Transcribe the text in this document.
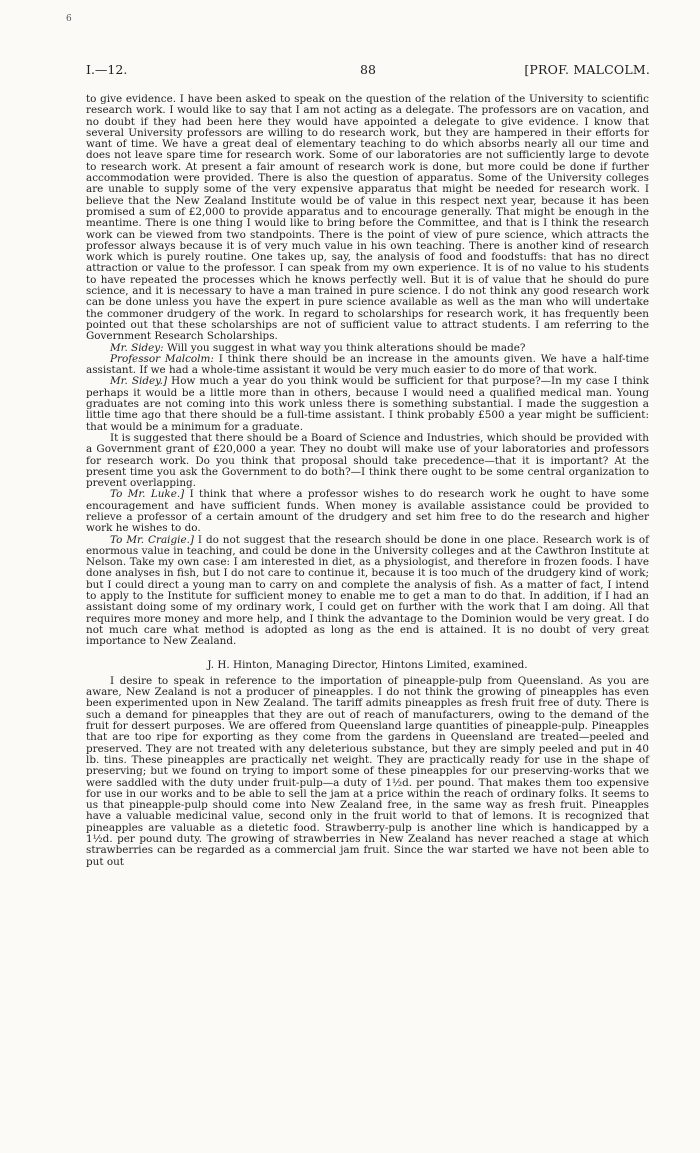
6
I.—12.	88	[PROF. MALCOLM.

to give evidence. I have been asked to speak on the question of the relation of the University to scientific research work. I would like to say that I am not acting as a delegate. The professors are on vacation, and no doubt if they had been here they would have appointed a delegate to give evidence. I know that several University professors are willing to do research work, but they are hampered in their efforts for want of time. We have a great deal of elementary teaching to do which absorbs nearly all our time and does not leave spare time for research work. Some of our laboratories are not sufficiently large to devote to research work. At present a fair amount of research work is done, but more could be done if further accommodation were provided. There is also the question of apparatus. Some of the University colleges are unable to supply some of the very expensive apparatus that might be needed for research work. I believe that the New Zealand Institute would be of value in this respect next year, because it has been promised a sum of £2,000 to provide apparatus and to encourage generally. That might be enough in the meantime. There is one thing I would like to bring before the Committee, and that is I think the research work can be viewed from two standpoints. There is the point of view of pure science, which attracts the professor always because it is of very much value in his own teaching. There is another kind of research work which is purely routine. One takes up, say, the analysis of food and foodstuffs: that has no direct attraction or value to the professor. I can speak from my own experience. It is of no value to his students to have repeated the processes which he knows perfectly well. But it is of value that he should do pure science, and it is necessary to have a man trained in pure science. I do not think any good research work can be done unless you have the expert in pure science available as well as the man who will undertake the commoner drudgery of the work. In regard to scholarships for research work, it has frequently been pointed out that these scholarships are not of sufficient value to attract students. I am referring to the Government Research Scholarships.

Mr. Sidey: Will you suggest in what way you think alterations should be made?

Professor Malcolm: I think there should be an increase in the amounts given. We have a half-time assistant. If we had a whole-time assistant it would be very much easier to do more of that work.

Mr. Sidey.] How much a year do you think would be sufficient for that purpose?—In my case I think perhaps it would be a little more than in others, because I would need a qualified medical man. Young graduates are not coming into this work unless there is something substantial. I made the suggestion a little time ago that there should be a full-time assistant. I think probably £500 a year might be sufficient: that would be a minimum for a graduate.

It is suggested that there should be a Board of Science and Industries, which should be provided with a Government grant of £20,000 a year. They no doubt will make use of your laboratories and professors for research work. Do you think that proposal should take precedence—that it is important? At the present time you ask the Government to do both?—I think there ought to be some central organization to prevent overlapping.

To Mr. Luke.] I think that where a professor wishes to do research work he ought to have some encouragement and have sufficient funds. When money is available assistance could be provided to relieve a professor of a certain amount of the drudgery and set him free to do the research and higher work he wishes to do.

To Mr. Craigie.] I do not suggest that the research should be done in one place. Research work is of enormous value in teaching, and could be done in the University colleges and at the Cawthron Institute at Nelson. Take my own case: I am interested in diet, as a physiologist, and therefore in frozen foods. I have done analyses in fish, but I do not care to continue it, because it is too much of the drudgery kind of work; but I could direct a young man to carry on and complete the analysis of fish. As a matter of fact, I intend to apply to the Institute for sufficient money to enable me to get a man to do that. In addition, if I had an assistant doing some of my ordinary work, I could get on further with the work that I am doing. All that requires more money and more help, and I think the advantage to the Dominion would be very great. I do not much care what method is adopted as long as the end is attained. It is no doubt of very great importance to New Zealand.

J. H. Hinton, Managing Director, Hintons Limited, examined.

I desire to speak in reference to the importation of pineapple-pulp from Queensland. As you are aware, New Zealand is not a producer of pineapples. I do not think the growing of pineapples has even been experimented upon in New Zealand. The tariff admits pineapples as fresh fruit free of duty. There is such a demand for pineapples that they are out of reach of manufacturers, owing to the demand of the fruit for dessert purposes. We are offered from Queensland large quantities of pineapple-pulp. Pineapples that are too ripe for exporting as they come from the gardens in Queensland are treated—peeled and preserved. They are not treated with any deleterious substance, but they are simply peeled and put in 40 lb. tins. These pineapples are practically net weight. They are practically ready for use in the shape of preserving; but we found on trying to import some of these pineapples for our preserving-works that we were saddled with the duty under fruit-pulp—a duty of 1½d. per pound. That makes them too expensive for use in our works and to be able to sell the jam at a price within the reach of ordinary folks. It seems to us that pineapple-pulp should come into New Zealand free, in the same way as fresh fruit. Pineapples have a valuable medicinal value, second only in the fruit world to that of lemons. It is recognized that pineapples are valuable as a dietetic food. Strawberry-pulp is another line which is handicapped by a 1½d. per pound duty. The growing of strawberries in New Zealand has never reached a stage at which strawberries can be regarded as a commercial jam fruit. Since the war started we have not been able to put out
